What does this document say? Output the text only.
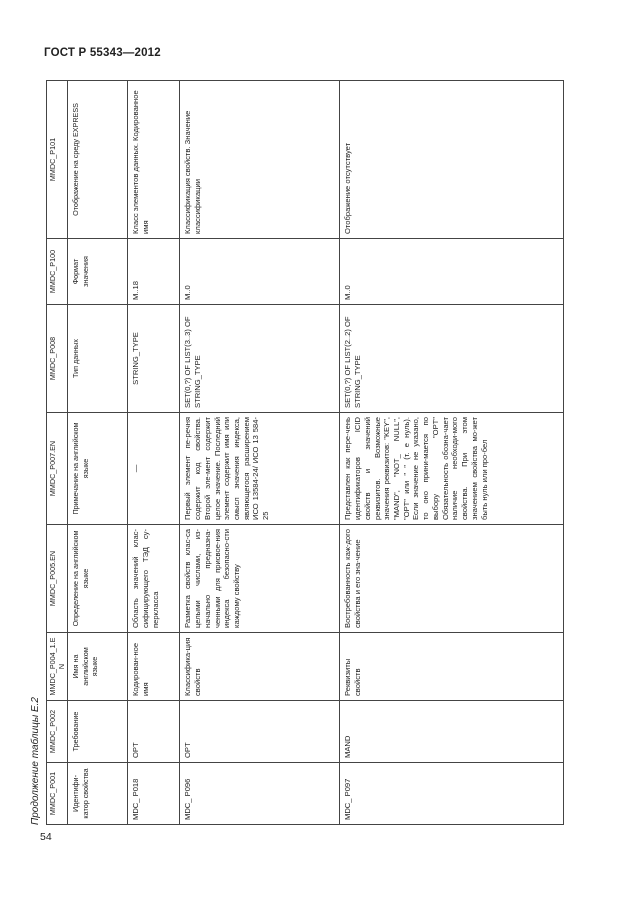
ГОСТ Р 55343—2012
54
Продолжение таблицы Е.2 MMDC_P001	MMDC_P002	MMDC_P004_1.EN	MMDC_P005.EN	MMDC_P007.EN	MMDC_P008	MMDC_P100	MMDC_P101
Идентифи-катор свойства	Требование	Имя на английском языке	Определение на английском языке	Примечание на английском языке	Тип данных	Формат значения	Отображение на среду EXPRESS
MDC_ P018	OPT	Кодирован-ное имя	Область значений клас-сифицирующего ТЭД су-перкласса	—	STRING_TYPE	M..18	Класс элементов данных. Кодированное имя
MDC_ P096	OPT	Классифика-ция свойств	Разметка свойств клас-са целыми числами, из-начально предназна-ченными для присвое-ния индекса безопасно-сти каждому свойству	Первый элемент пе-речня содержит код свойства. Второй эле-мент содержит целое значение. Последний элемент содержит имя или смысл значения индекса, являющегося расширением ИСО 13584-24/ ИСО 13 584-25	SET(0,?) OF LIST(3..3) OF STRING_TYPE	M..0	Классификация свойств. Значение классификации
MDC_ P097	MAND	Реквизиты свойств	Востребованность каж-дого свойства и его зна-чение	Представлен как пере-чень идентификаторов ICID свойств и значений реквизитов. Возможные значения реквизитов: "KEY", "MAND", "NOT_ NULL", "OPT" или " " (т. е нуль). Если значение не указано, то оно прини-мается по выбору "OPT" Обязательность обозна-чает наличие необходи-мого свойства. При этом значением свойства мо-жет быть нуль или про-бел	SET(0,?) OF LIST(2..2) OF STRING_TYPE	M..0	Отображение отсутствует
